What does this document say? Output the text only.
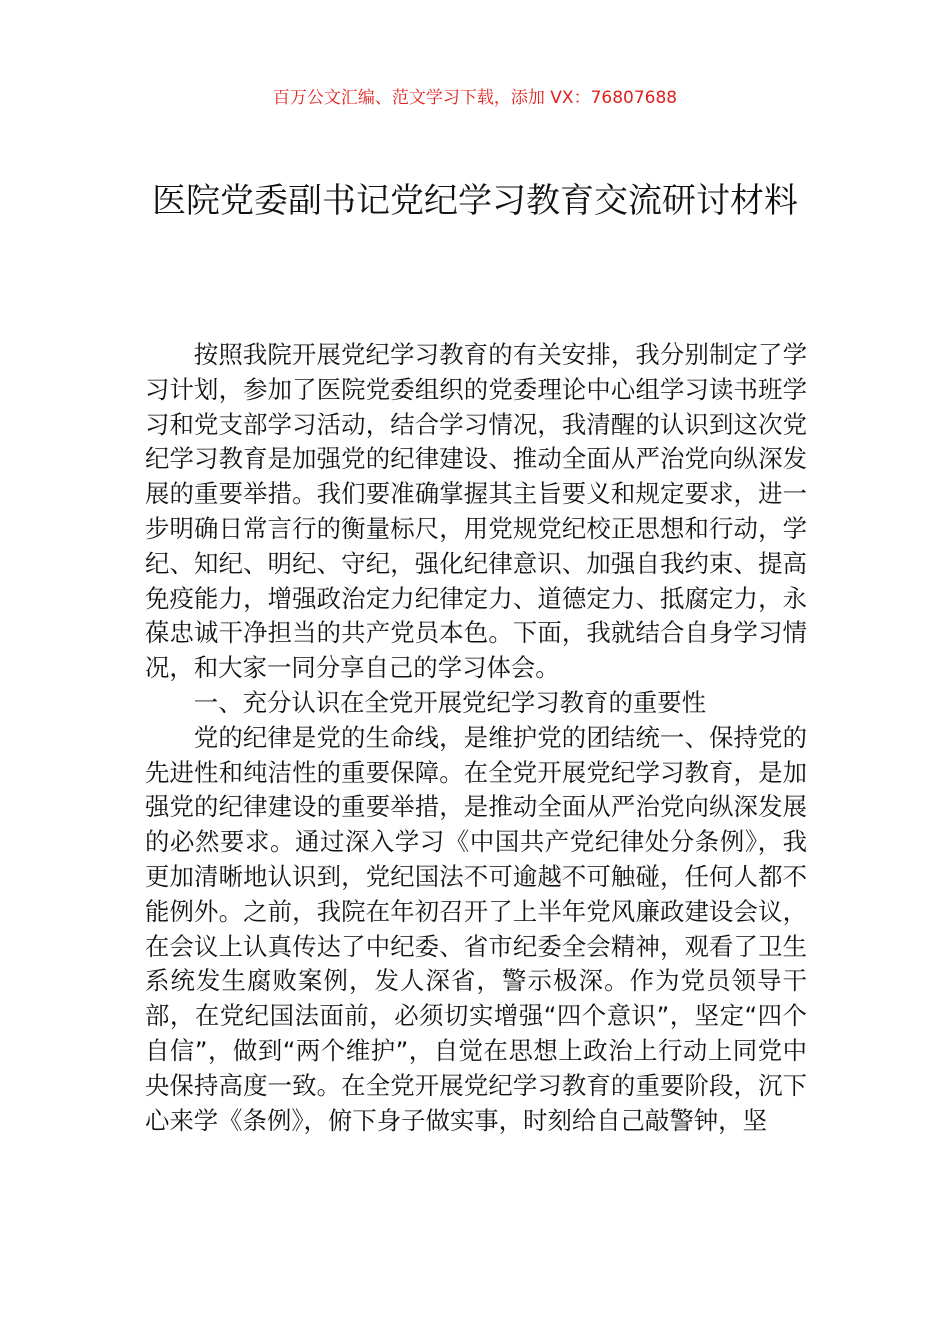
百万公文汇编、范文学习下载，添加 VX：76807688
医院党委副书记党纪学习教育交流研讨材料

按照我院开展党纪学习教育的有关安排，我分别制定了学习计划，参加了医院党委组织的党委理论中心组学习读书班学习和党支部学习活动，结合学习情况，我清醒的认识到这次党纪学习教育是加强党的纪律建设、推动全面从严治党向纵深发展的重要举措。我们要准确掌握其主旨要义和规定要求，进一步明确日常言行的衡量标尺，用党规党纪校正思想和行动，学纪、知纪、明纪、守纪，强化纪律意识、加强自我约束、提高免疫能力，增强政治定力纪律定力、道德定力、抵腐定力，永葆忠诚干净担当的共产党员本色。下面，我就结合自身学习情况，和大家一同分享自己的学习体会。

一、充分认识在全党开展党纪学习教育的重要性

党的纪律是党的生命线，是维护党的团结统一、保持党的先进性和纯洁性的重要保障。在全党开展党纪学习教育，是加强党的纪律建设的重要举措，是推动全面从严治党向纵深发展的必然要求。通过深入学习《中国共产党纪律处分条例》，我更加清晰地认识到，党纪国法不可逾越不可触碰，任何人都不能例外。之前，我院在年初召开了上半年党风廉政建设会议，在会议上认真传达了中纪委、省市纪委全会精神，观看了卫生系统发生腐败案例，发人深省，警示极深。作为党员领导干部，在党纪国法面前，必须切实增强“四个意识”，坚定“四个自信”，做到“两个维护”，自觉在思想上政治上行动上同党中央保持高度一致。在全党开展党纪学习教育的重要阶段，沉下心来学《条例》，俯下身子做实事，时刻给自己敲警钟，坚
